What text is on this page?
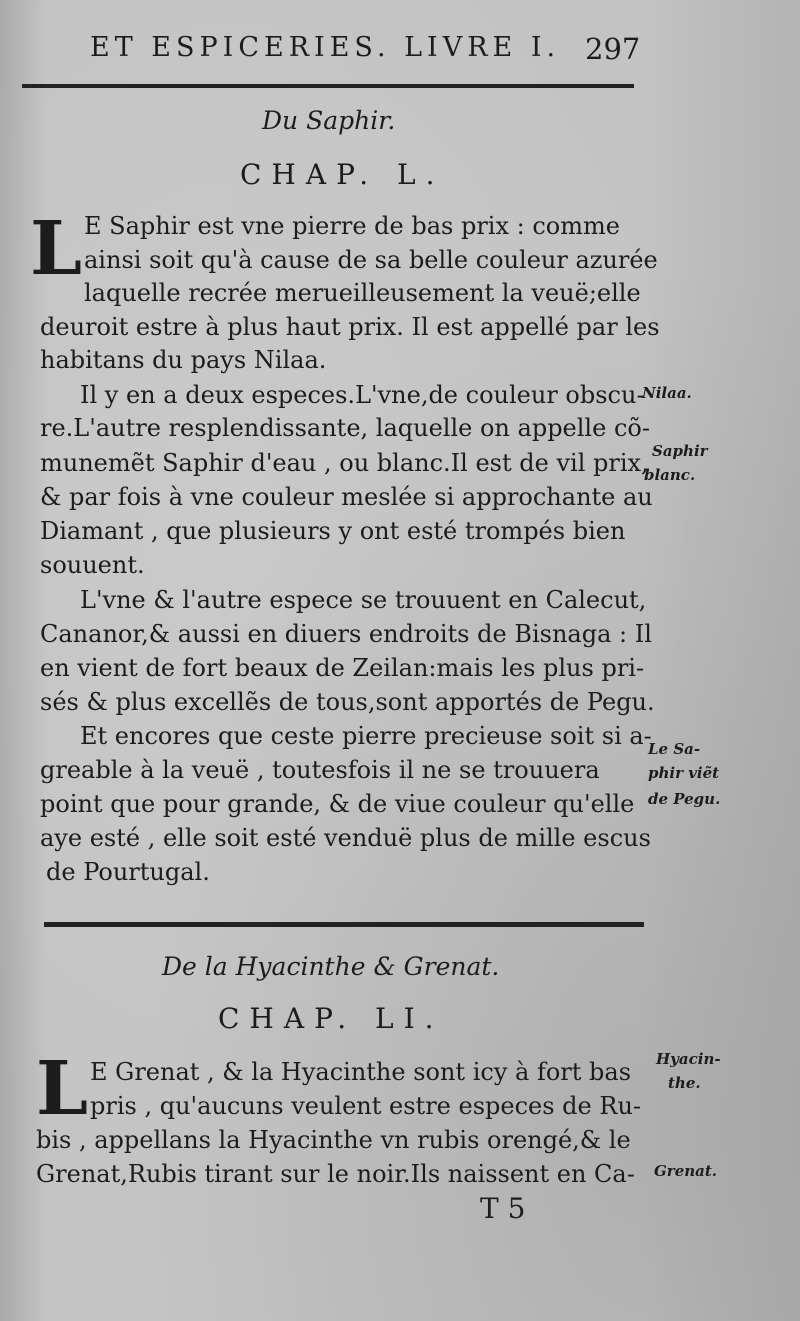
ET ESPICERIES. LIVRE I. 297
Du Saphir.
CHAP. L.
L E Saphir est vne pierre de bas prix : comme
ainsi soit qu'à cause de sa belle couleur azurée
laquelle recrée merueilleusement la veuë;elle
deuroit estre à plus haut prix. Il est appellé par les
habitans du pays Nilaa.
Il y en a deux especes.L'vne,de couleur obscu-
re.L'autre resplendissante, laquelle on appelle cõ-
munemẽt Saphir d'eau , ou blanc.Il est de vil prix,
& par fois à vne couleur meslée si approchante au
Diamant , que plusieurs y ont esté trompés bien
souuent.
L'vne & l'autre espece se trouuent en Calecut,
Cananor,& aussi en diuers endroits de Bisnaga : Il
en vient de fort beaux de Zeilan:mais les plus pri-
sés & plus excellẽs de tous,sont apportés de Pegu.
Et encores que ceste pierre precieuse soit si a-
greable à la veuë , toutesfois il ne se trouuera
point que pour grande, & de viue couleur qu'elle
aye esté , elle soit esté venduë plus de mille escus
de Pourtugal.
Nilaa.
Saphir
blanc.
Le Sa-
phir viẽt
de Pegu.
De la Hyacinthe & Grenat.
CHAP. LI.
L E Grenat , & la Hyacinthe sont icy à fort bas
pris , qu'aucuns veulent estre especes de Ru-
bis , appellans la Hyacinthe vn rubis orengé,& le
Grenat,Rubis tirant sur le noir.Ils naissent en Ca-
Hyacin-
the.
Grenat.
T 5
